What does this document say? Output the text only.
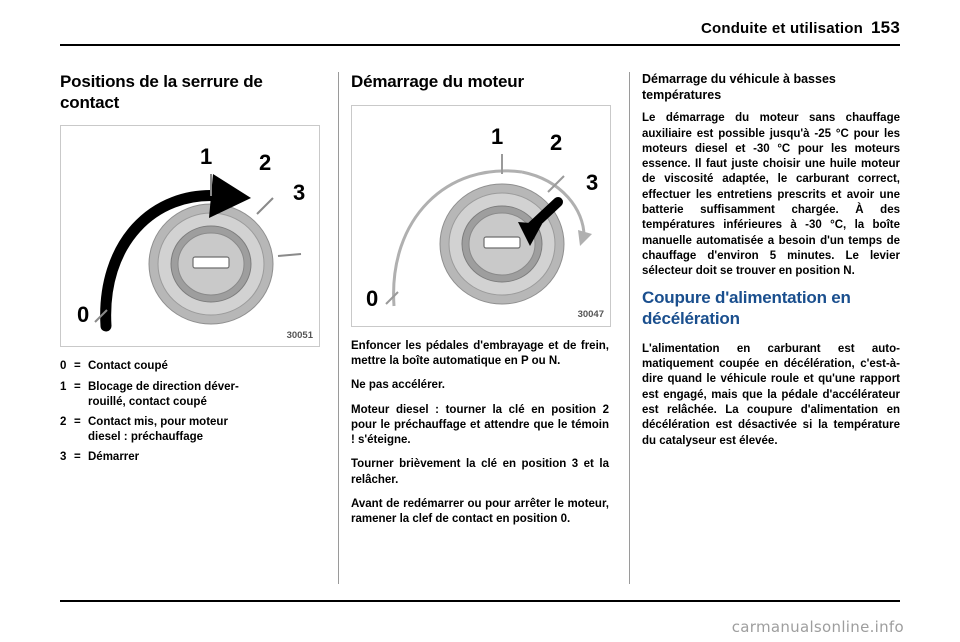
Conduite et utilisation 153
Positions de la serrure de contact
1 2
3
0
30051
0 = Contact coupé
1 = Blocage de direction déver-
rouillé, contact coupé
2 = Contact mis, pour moteur
diesel : préchauffage
3 = Démarrer
Démarrage du moteur
1 2
3
0
30047

Enfoncer les pédales d'embrayage et de frein, mettre la boîte automatique en P ou N.

Ne pas accélérer.

Moteur diesel : tourner la clé en position 2 pour le préchauffage et attendre que le témoin ! s'éteigne.

Tourner brièvement la clé en position 3 et la relâcher.

Avant de redémarrer ou pour arrêter le moteur, ramener la clef de contact en position 0.

Démarrage du véhicule à basses températures

Le démarrage du moteur sans chauffage auxiliaire est possible jusqu'à -25 °C pour les moteurs diesel et -30 °C pour les moteurs essence. Il faut juste choisir une huile moteur de viscosité adaptée, le carburant correct, effectuer les entretiens prescrits et avoir une batterie suffisamment chargée. À des températures inférieures à -30 °C, la boîte manuelle automatisée a besoin d'un temps de chauffage d'environ 5 minutes. Le levier sélecteur doit se trouver en position N.

Coupure d'alimentation en décélération

L'alimentation en carburant est automatiquement coupée en décélération, c'est-à-dire quand le véhicule roule et qu'une rapport est engagé, mais que la pédale d'accélérateur est relâchée. La coupure d'alimentation en décélération est désactivée si la température du catalyseur est élevée.

carmanualsonline.info
